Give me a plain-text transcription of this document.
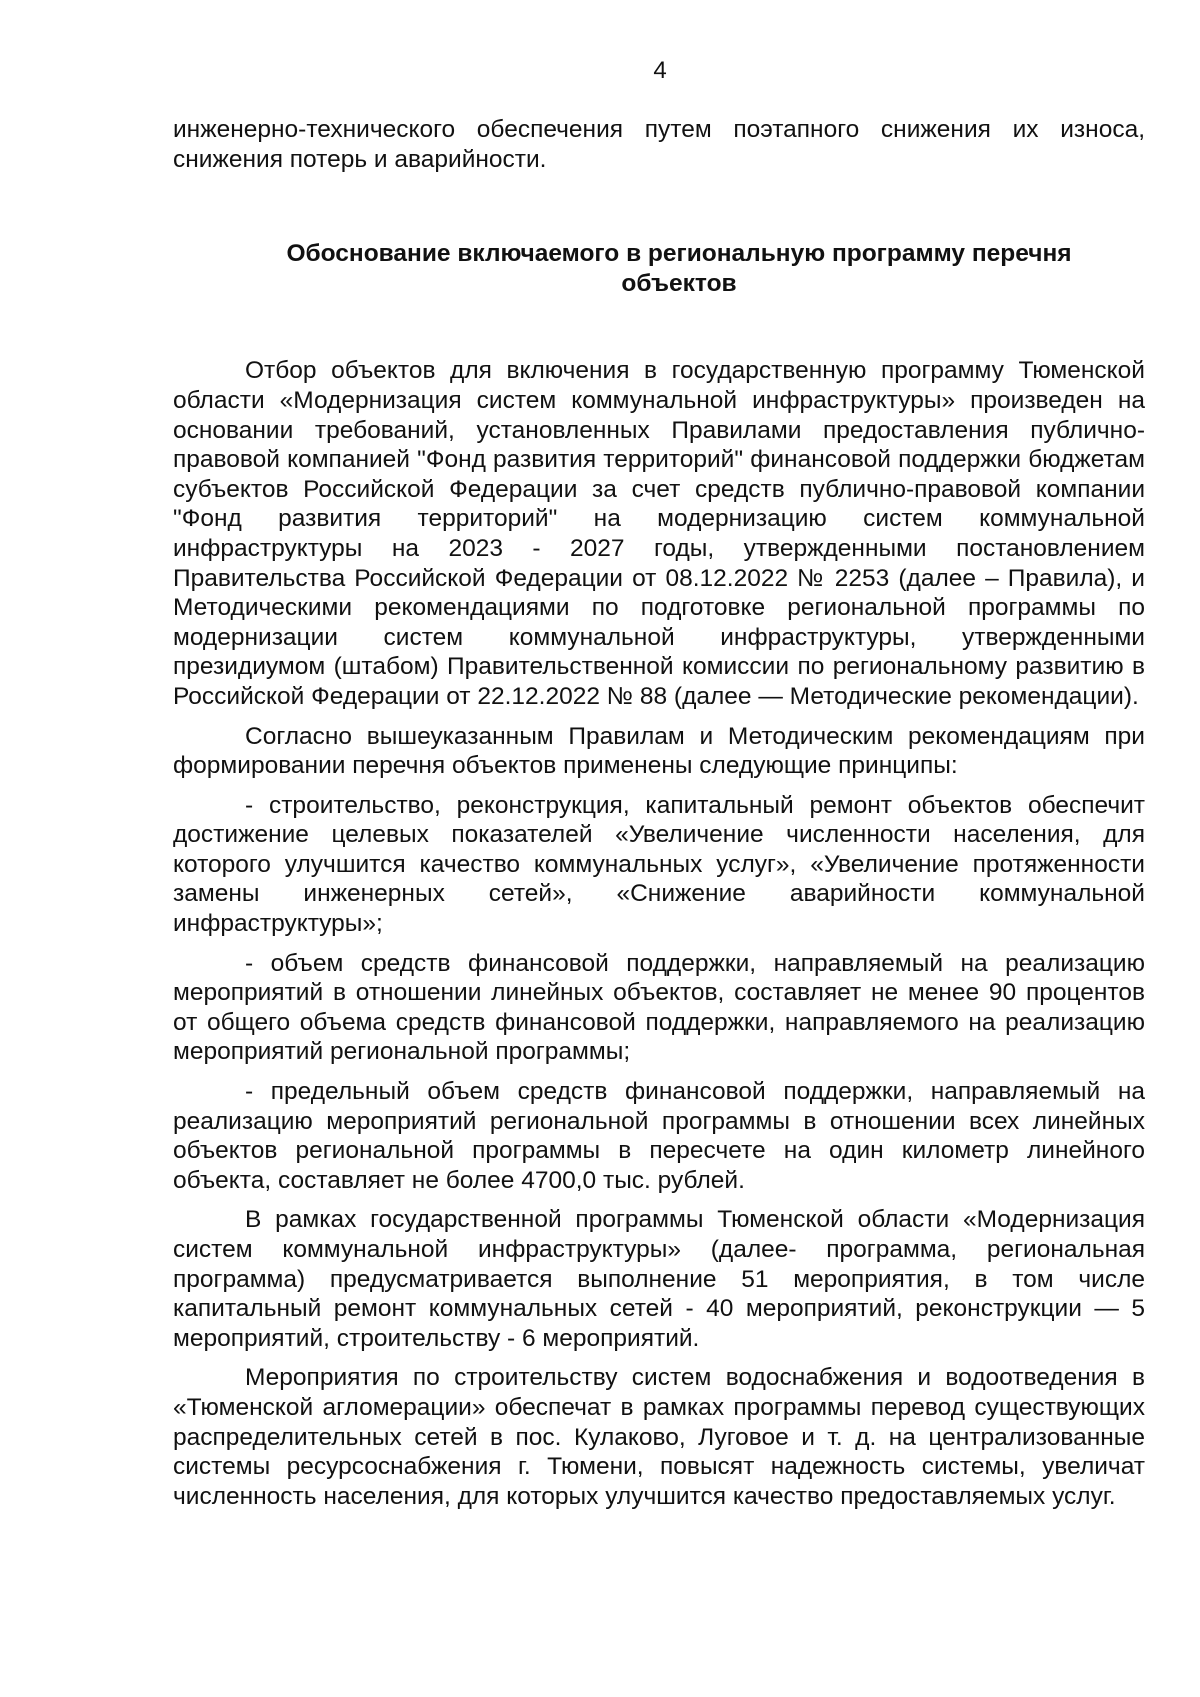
4

инженерно-технического обеспечения путем поэтапного снижения их износа, снижения потерь и аварийности.

Обоснование включаемого в региональную программу перечня
объектов

Отбор объектов для включения в государственную программу Тюменской области «Модернизация систем коммунальной инфраструктуры» произведен на основании требований, установленных Правилами предоставления публично-правовой компанией "Фонд развития территорий" финансовой поддержки бюджетам субъектов Российской Федерации за счет средств публично-правовой компании "Фонд развития территорий" на модернизацию систем коммунальной инфраструктуры на 2023 - 2027 годы, утвержденными постановлением Правительства Российской Федерации от 08.12.2022 № 2253 (далее – Правила), и Методическими рекомендациями по подготовке региональной программы по модернизации систем коммунальной инфраструктуры, утвержденными президиумом (штабом) Правительственной комиссии по региональному развитию в Российской Федерации от 22.12.2022 № 88 (далее — Методические рекомендации).

Согласно вышеуказанным Правилам и Методическим рекомендациям при формировании перечня объектов применены следующие принципы:

- строительство, реконструкция, капитальный ремонт объектов обеспечит достижение целевых показателей «Увеличение численности населения, для которого улучшится качество коммунальных услуг», «Увеличение протяженности замены инженерных сетей», «Снижение аварийности коммунальной инфраструктуры»;

- объем средств финансовой поддержки, направляемый на реализацию мероприятий в отношении линейных объектов, составляет не менее 90 процентов от общего объема средств финансовой поддержки, направляемого на реализацию мероприятий региональной программы;

- предельный объем средств финансовой поддержки, направляемый на реализацию мероприятий региональной программы в отношении всех линейных объектов региональной программы в пересчете на один километр линейного объекта, составляет не более 4700,0 тыс. рублей.

В рамках государственной программы Тюменской области «Модернизация систем коммунальной инфраструктуры» (далее- программа, региональная программа) предусматривается выполнение 51 мероприятия, в том числе капитальный ремонт коммунальных сетей - 40 мероприятий, реконструкции — 5 мероприятий, строительству - 6 мероприятий.

Мероприятия по строительству систем водоснабжения и водоотведения в «Тюменской агломерации» обеспечат в рамках программы перевод существующих распределительных сетей в пос. Кулаково, Луговое и т. д. на централизованные системы ресурсоснабжения г. Тюмени, повысят надежность системы, увеличат численность населения, для которых улучшится качество предоставляемых услуг.
